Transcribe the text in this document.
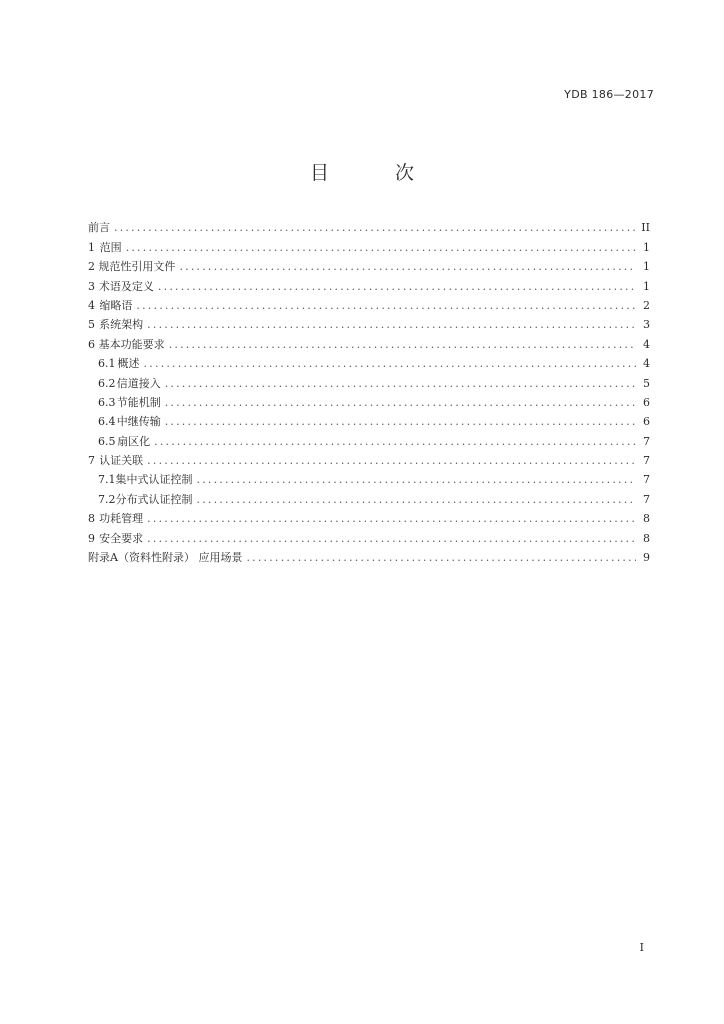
YDB 186—2017
目 次
前言 .....	II
1 范围 .....	1
2 规范性引用文件 .....	1
3 术语及定义 .....	1
4 缩略语 .....	2
5 系统架构 .....	3
6 基本功能要求 .....	4
6.1 概述 .....	4
6.2 信道接入 .....	5
6.3 节能机制 .....	6
6.4 中继传输 .....	6
6.5 扇区化 .....	7
7 认证关联 .....	7
7.1 集中式认证控制 .....	7
7.2 分布式认证控制 .....	7
8 功耗管理 .....	8
9 安全要求 .....	8
附录A（资料性附录） 应用场景 .....	9
I
